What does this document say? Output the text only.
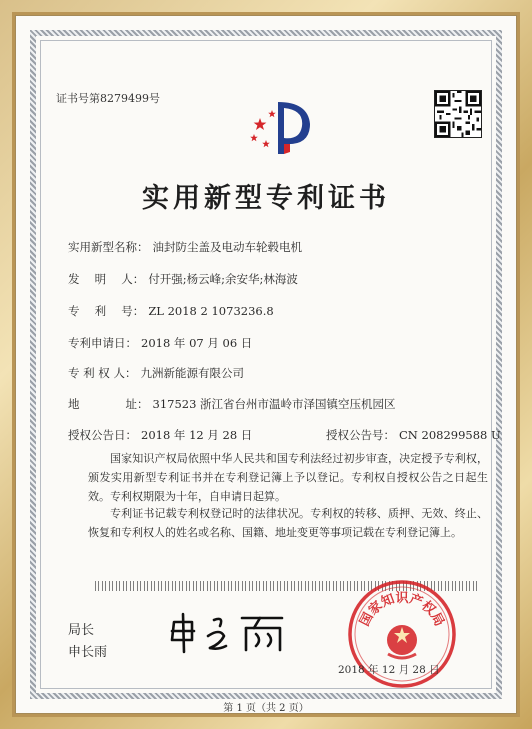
证书号第8279499号
实用新型专利证书
实用新型名称： 油封防尘盖及电动车轮毂电机
发　 明 　人： 付开强;杨云峰;余安华;林海波
专　 利　 号： ZL 2018 2 1073236.8
专利申请日： 2018 年 07 月 06 日
专 利 权 人： 九洲新能源有限公司
地　　　　址： 317523 浙江省台州市温岭市泽国镇空压机园区
授权公告日： 2018 年 12 月 28 日	授权公告号： CN 208299588 U
国家知识产权局依照中华人民共和国专利法经过初步审查，决定授予专利权，颁发实用新型专利证书并在专利登记簿上予以登记。专利权自授权公告之日起生效。专利权期限为十年，自申请日起算。
专利证书记载专利权登记时的法律状况。专利权的转移、质押、无效、终止、恢复和专利权人的姓名或名称、国籍、地址变更等事项记载在专利登记簿上。
局长
申长雨
国家知识产权局
2018 年 12 月 28 日
第 1 页（共 2 页）
